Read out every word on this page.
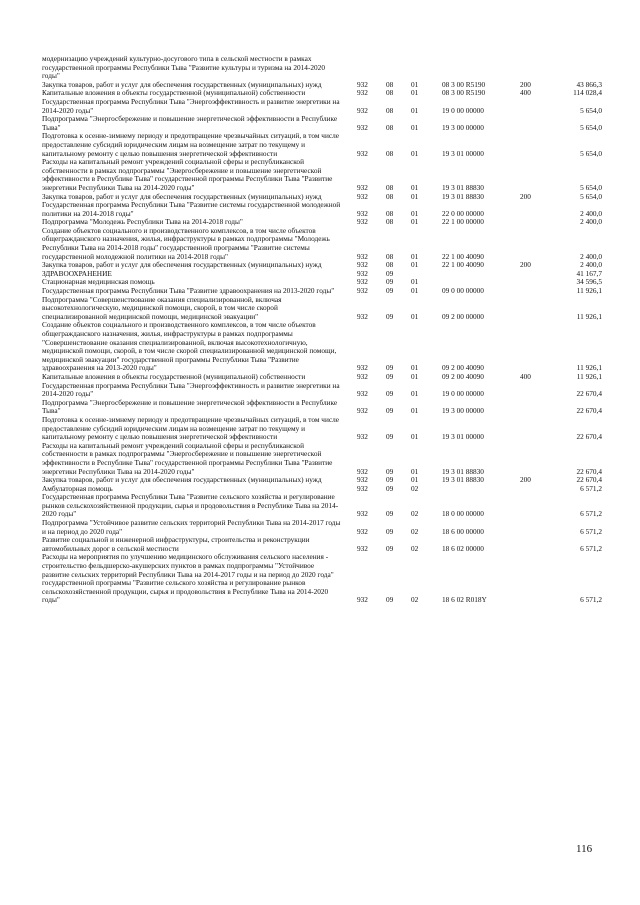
модернизацию учреждений культурно-досугового типа в сельской местности в рамках государственной программы Республики Тыва "Развитие культуры и туризма на 2014-2020 годы"
Закупка товаров, работ и услуг для обеспечения государственных (муниципальных) нужд	932 08 01	08 3 00 R5190	200	43 866,3
Капитальные вложения в объекты государственной (муниципальной) собственности	932 08 01	08 3 00 R5190	400	114 028,4
Государственная программа Республики Тыва "Энергоэффективность и развитие энергетики на 2014-2020 годы"	932 08 01	19 0 00 00000	5 654,0
Подпрограмма "Энергосбережение и повышение энергетической эффективности в Республике Тыва"	932 08 01	19 3 00 00000	5 654,0
Подготовка к осенне-зимнему периоду и предотвращение чрезвычайных ситуаций, в том числе предоставление субсидий юридическим лицам на возмещение затрат по текущему и капитальному ремонту с целью повышения энергетической эффективности	932 08 01	19 3 01 00000	5 654,0
Расходы на капитальный ремонт учреждений социальной сферы и республиканской собственности в рамках подпрограммы "Энергосбережение и повышение энергетической эффективности в Республике Тыва" государственной программы Республики Тыва "Развитие энергетики Республики Тыва на 2014-2020 годы"	932 08 01	19 3 01 88830	5 654,0
Закупка товаров, работ и услуг для обеспечения государственных (муниципальных) нужд	932 08 01	19 3 01 88830	200	5 654,0
Государственная программа Республики Тыва "Развитие системы государственной молодежной политики на 2014-2018 годы"	932 08 01	22 0 00 00000	2 400,0
Подпрограмма "Молодежь Республики Тыва на 2014-2018 годы"	932 08 01	22 1 00 00000	2 400,0
Создание объектов социального и производственного комплексов, в том числе объектов общегражданского назначения, жилья, инфраструктуры в рамках подпрограммы "Молодежь Республики Тыва на 2014-2018 годы" государственной программы "Развитие системы государственной молодежной политики на 2014-2018 годы"	932 08 01	22 1 00 40090	2 400,0
Закупка товаров, работ и услуг для обеспечения государственных (муниципальных) нужд	932 08 01	22 1 00 40090	200	2 400,0
ЗДРАВООХРАНЕНИЕ	932 09	41 167,7
Стационарная медицинская помощь	932 09 01	34 596,5
Государственная программа Республики Тыва "Развитие здравоохранения на 2013-2020 годы"	932 09 01	09 0 00 00000	11 926,1
Подпрограмма "Совершенствование оказания специализированной, включая высокотехнологическую, медицинской помощи, скорой, в том числе скорой специализированной медицинской помощи, медицинской эвакуации"	932 09 01	09 2 00 00000	11 926,1
Создание объектов социального и производственного комплексов, в том числе объектов общегражданского назначения, жилья, инфраструктуры в рамках подпрограммы "Совершенствование оказания специализированной, включая высокотехнологичную, медицинской помощи, скорой, в том числе скорой специализированной медицинской помощи, медицинской эвакуации" государственной программы Республики Тыва "Развитие здравоохранения на 2013-2020 годы"	932 09 01	09 2 00 40090	11 926,1
Капитальные вложения в объекты государственной (муниципальной) собственности	932 09 01	09 2 00 40090	400	11 926,1
Государственная программа Республики Тыва "Энергоэффективность и развитие энергетики на 2014-2020 годы"	932 09 01	19 0 00 00000	22 670,4
Подпрограмма "Энергосбережение и повышение энергетической эффективности в Республике Тыва"	932 09 01	19 3 00 00000	22 670,4
Подготовка к осенне-зимнему периоду и предотвращение чрезвычайных ситуаций, в том числе предоставление субсидий юридическим лицам на возмещение затрат по текущему и капитальному ремонту с целью повышения энергетической эффективности	932 09 01	19 3 01 00000	22 670,4
Расходы на капитальный ремонт учреждений социальной сферы и республиканской собственности в рамках подпрограммы "Энергосбережение и повышение энергетической эффективности в Республике Тыва" государственной программы Республики Тыва "Развитие энергетики Республики Тыва на 2014-2020 годы"	932 09 01	19 3 01 88830	22 670,4
Закупка товаров, работ и услуг для обеспечения государственных (муниципальных) нужд	932 09 01	19 3 01 88830	200	22 670,4
Амбулаторная помощь	932 09 02	6 571,2
Государственная программа Республики Тыва "Развитие сельского хозяйства и регулирование рынков сельскохозяйственной продукции, сырья и продовольствия в Республике Тыва на 2014-2020 годы"	932 09 02	18 0 00 00000	6 571,2
Подпрограмма "Устойчивое развитие сельских территорий Республики Тыва на 2014-2017 годы и на период до 2020 года"	932 09 02	18 6 00 00000	6 571,2
Развитие социальной и инженерной инфраструктуры, строительства и реконструкции автомобильных дорог в сельской местности	932 09 02	18 6 02 00000	6 571,2
Расходы на мероприятия по улучшению медицинского обслуживания сельского населения - строительство фельдшерско-акушерских пунктов в рамках подпрограммы "Устойчивое развитие сельских территорий Республики Тыва на 2014-2017 годы и на период до 2020 года" государственной программы "Развитие сельского хозяйства и регулирование рынков сельскохозяйственной продукции, сырья и продовольствия в Республике Тыва на 2014-2020 годы"	932 09 02	18 6 02 R018Y	6 571,2
116
